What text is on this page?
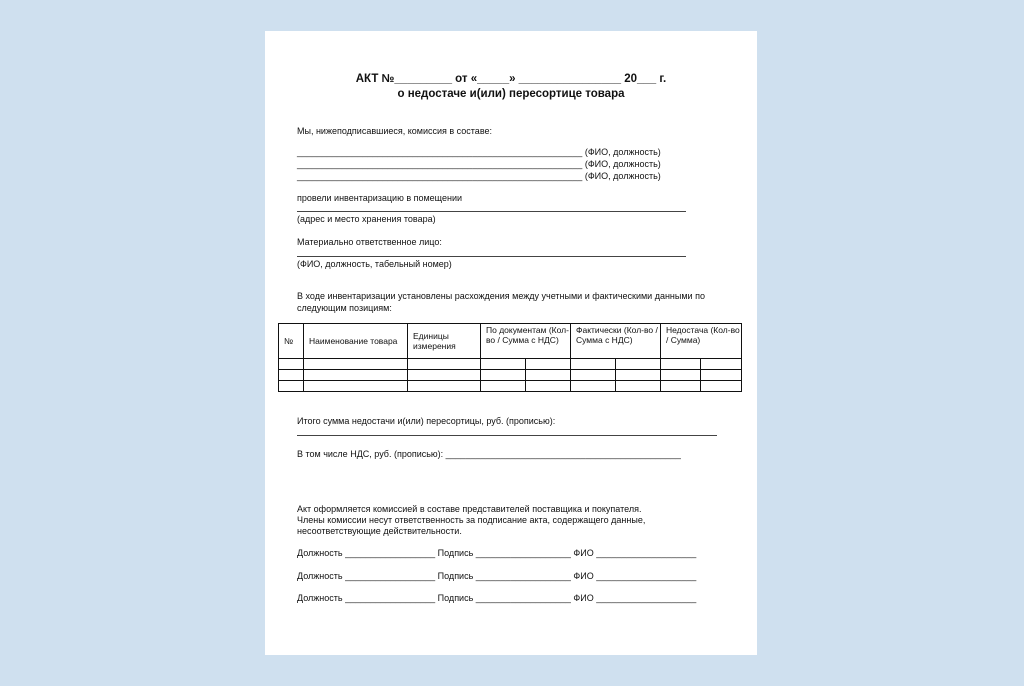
АКТ №_________ от «_____» ________________ 20___ г.
о недостаче и(или) пересортице товара
Мы, нижеподписавшиеся, комиссия в составе:
_________________________________________________________ (ФИО, должность)
_________________________________________________________ (ФИО, должность)
_________________________________________________________ (ФИО, должность)
провели инвентаризацию в помещении
(адрес и место хранения товара)
Материально ответственное лицо:
(ФИО, должность, табельный номер)
В ходе инвентаризации установлены расхождения между учетными и фактическими данными по
следующим позициям:
№	Наименование товара	Единицы измерения	По документам (Кол-во / Сумма с НДС)		Фактически (Кол-во / Сумма с НДС)		Недостача (Кол-во / Сумма)	

Итого сумма недостачи и(или) пересортицы, руб. (прописью):
В том числе НДС, руб. (прописью): _______________________________________________
Акт оформляется комиссией в составе представителей поставщика и покупателя.
Члены комиссии несут ответственность за подписание акта, содержащего данные,
несоответствующие действительности.
Должность __________________ Подпись ___________________ ФИО ____________________
Должность __________________ Подпись ___________________ ФИО ____________________
Должность __________________ Подпись ___________________ ФИО ____________________
